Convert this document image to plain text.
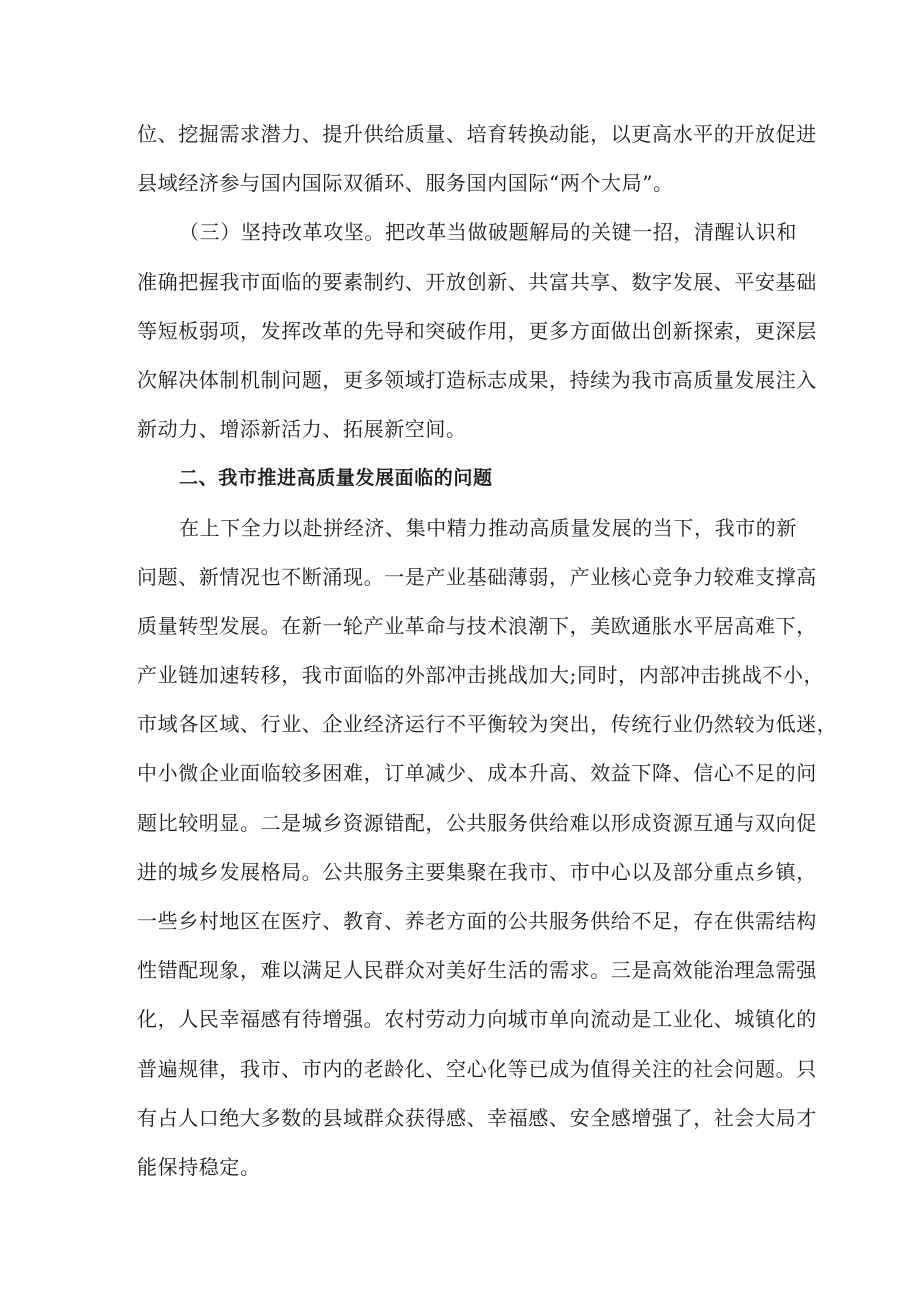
位、挖掘需求潜力、提升供给质量、培育转换动能，以更高水平的开放促进
县域经济参与国内国际双循环、服务国内国际“两个大局”。
（三）坚持改革攻坚。把改革当做破题解局的关键一招，清醒认识和
准确把握我市面临的要素制约、开放创新、共富共享、数字发展、平安基础
等短板弱项，发挥改革的先导和突破作用，更多方面做出创新探索，更深层
次解决体制机制问题，更多领域打造标志成果，持续为我市高质量发展注入
新动力、增添新活力、拓展新空间。
二、我市推进高质量发展面临的问题
在上下全力以赴拼经济、集中精力推动高质量发展的当下，我市的新
问题、新情况也不断涌现。一是产业基础薄弱，产业核心竞争力较难支撑高
质量转型发展。在新一轮产业革命与技术浪潮下，美欧通胀水平居高难下，
产业链加速转移，我市面临的外部冲击挑战加大;同时，内部冲击挑战不小，
市域各区域、行业、企业经济运行不平衡较为突出，传统行业仍然较为低迷，
中小微企业面临较多困难，订单减少、成本升高、效益下降、信心不足的问
题比较明显。二是城乡资源错配，公共服务供给难以形成资源互通与双向促
进的城乡发展格局。公共服务主要集聚在我市、市中心以及部分重点乡镇，
一些乡村地区在医疗、教育、养老方面的公共服务供给不足，存在供需结构
性错配现象，难以满足人民群众对美好生活的需求。三是高效能治理急需强
化，人民幸福感有待增强。农村劳动力向城市单向流动是工业化、城镇化的
普遍规律，我市、市内的老龄化、空心化等已成为值得关注的社会问题。只
有占人口绝大多数的县域群众获得感、幸福感、安全感增强了，社会大局才
能保持稳定。
